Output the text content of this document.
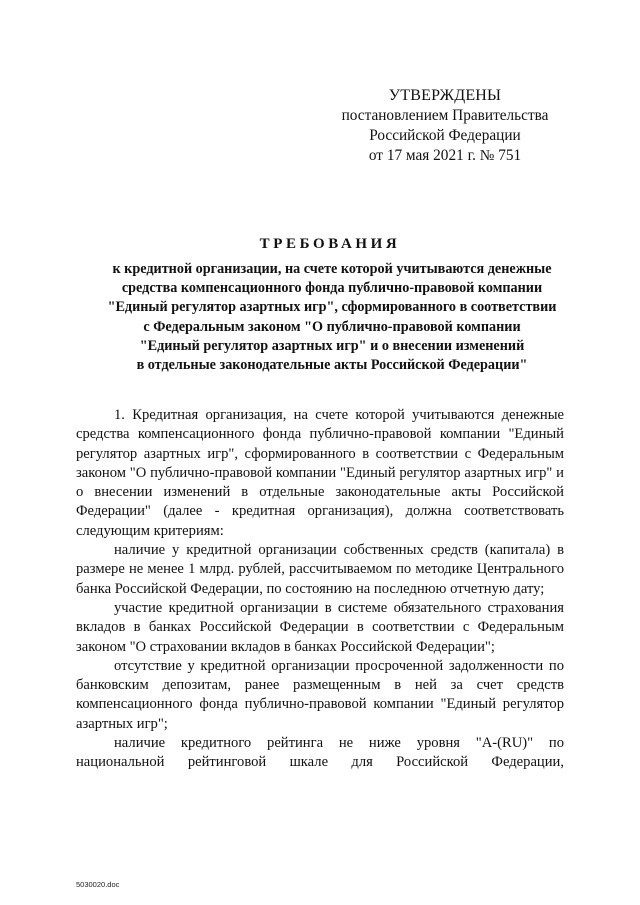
УТВЕРЖДЕНЫ
постановлением Правительства
Российской Федерации
от 17 мая 2021 г. № 751
ТРЕБОВАНИЯ
к кредитной организации, на счете которой учитываются денежные
средства компенсационного фонда публично-правовой компании
"Единый регулятор азартных игр", сформированного в соответствии
с Федеральным законом "О публично-правовой компании
"Единый регулятор азартных игр" и о внесении изменений
в отдельные законодательные акты Российской Федерации"

1. Кредитная организация, на счете которой учитываются денежные средства компенсационного фонда публично-правовой компании "Единый регулятор азартных игр", сформированного в соответствии с Федеральным законом "О публично-правовой компании "Единый регулятор азартных игр" и о внесении изменений в отдельные законодательные акты Российской Федерации" (далее - кредитная организация), должна соответствовать следующим критериям:

наличие у кредитной организации собственных средств (капитала) в размере не менее 1 млрд. рублей, рассчитываемом по методике Центрального банка Российской Федерации, по состоянию на последнюю отчетную дату;

участие кредитной организации в системе обязательного страхования вкладов в банках Российской Федерации в соответствии с Федеральным законом "О страховании вкладов в банках Российской Федерации";

отсутствие у кредитной организации просроченной задолженности по банковским депозитам, ранее размещенным в ней за счет средств компенсационного фонда публично-правовой компании "Единый регулятор азартных игр";

наличие кредитного рейтинга не ниже уровня "A-(RU)" по национальной рейтинговой шкале для Российской Федерации,

5030020.doc
